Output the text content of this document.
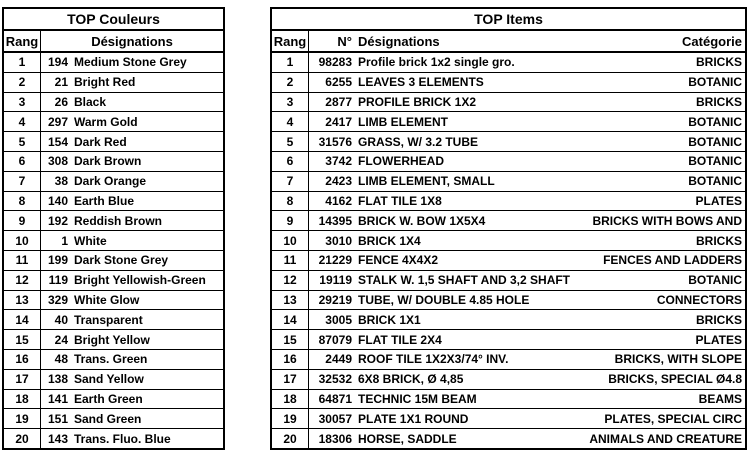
TOP Couleurs
Rang	Désignations
1	194 Medium Stone Grey
2	21 Bright Red
3	26 Black
4	297 Warm Gold
5	154 Dark Red
6	308 Dark Brown
7	38 Dark Orange
8	140 Earth Blue
9	192 Reddish Brown
10	1 White
11	199 Dark Stone Grey
12	119 Bright Yellowish-Green
13	329 White Glow
14	40 Transparent
15	24 Bright Yellow
16	48 Trans. Green
17	138 Sand Yellow
18	141 Earth Green
19	151 Sand Green
20	143 Trans. Fluo. Blue
TOP Items
Rang	N° Désignations	Catégorie
1	98283 Profile brick 1x2 single gro.	BRICKS
2	6255 LEAVES 3 ELEMENTS	BOTANIC
3	2877 PROFILE BRICK 1X2	BRICKS
4	2417 LIMB ELEMENT	BOTANIC
5	31576 GRASS, W/ 3.2 TUBE	BOTANIC
6	3742 FLOWERHEAD	BOTANIC
7	2423 LIMB ELEMENT, SMALL	BOTANIC
8	4162 FLAT TILE 1X8	PLATES
9	14395 BRICK W. BOW 1X5X4	BRICKS WITH BOWS AND
10	3010 BRICK 1X4	BRICKS
11	21229 FENCE 4X4X2	FENCES AND LADDERS
12	19119 STALK W. 1,5 SHAFT AND 3,2 SHAFT	BOTANIC
13	29219 TUBE, W/ DOUBLE 4.85 HOLE	CONNECTORS
14	3005 BRICK 1X1	BRICKS
15	87079 FLAT TILE 2X4	PLATES
16	2449 ROOF TILE 1X2X3/74° INV.	BRICKS, WITH SLOPE
17	32532 6X8 BRICK, Ø 4,85	BRICKS, SPECIAL Ø4.8
18	64871 TECHNIC 15M BEAM	BEAMS
19	30057 PLATE 1X1 ROUND	PLATES, SPECIAL CIRC
20	18306 HORSE, SADDLE	ANIMALS AND CREATURE
